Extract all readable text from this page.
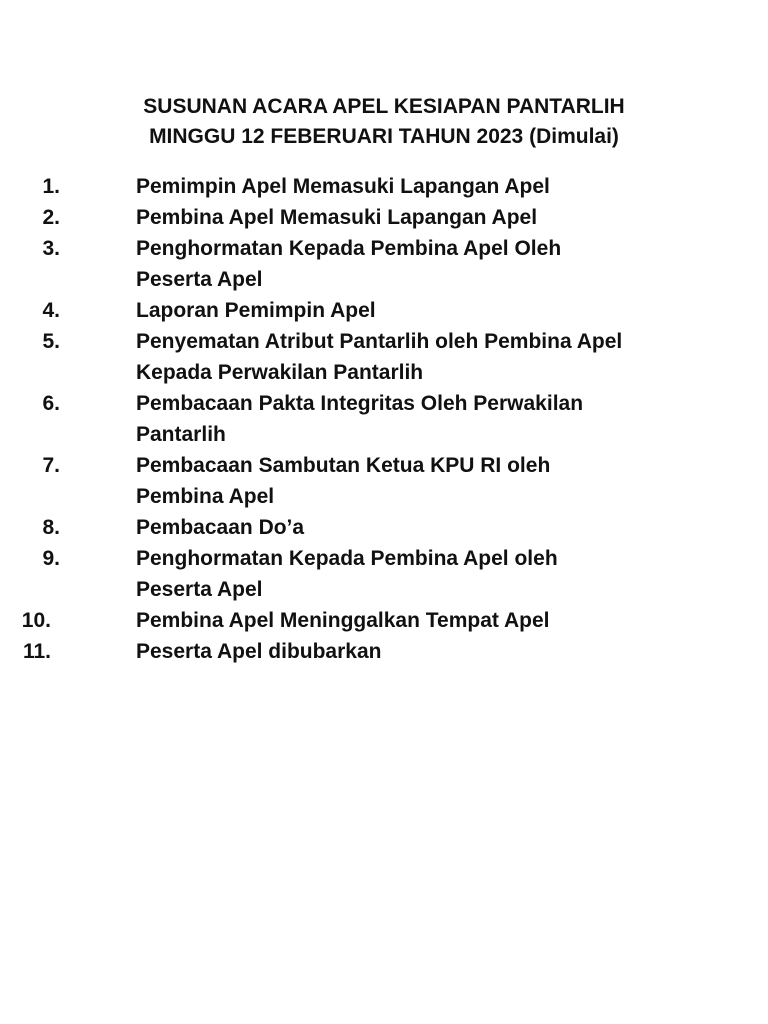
SUSUNAN ACARA APEL KESIAPAN PANTARLIH
MINGGU 12 FEBERUARI TAHUN 2023 (Dimulai)
1.	Pemimpin Apel Memasuki Lapangan Apel
2.	Pembina Apel Memasuki Lapangan Apel
3.	Penghormatan Kepada Pembina Apel Oleh
Peserta Apel
4.	Laporan Pemimpin Apel
5.	Penyematan Atribut Pantarlih oleh Pembina Apel
Kepada Perwakilan Pantarlih
6.	Pembacaan Pakta Integritas Oleh Perwakilan
Pantarlih
7.	Pembacaan Sambutan Ketua KPU RI oleh
Pembina Apel
8.	Pembacaan Do’a
9.	Penghormatan Kepada Pembina Apel oleh
Peserta Apel
10.	Pembina Apel Meninggalkan Tempat Apel
11.	Peserta Apel dibubarkan
